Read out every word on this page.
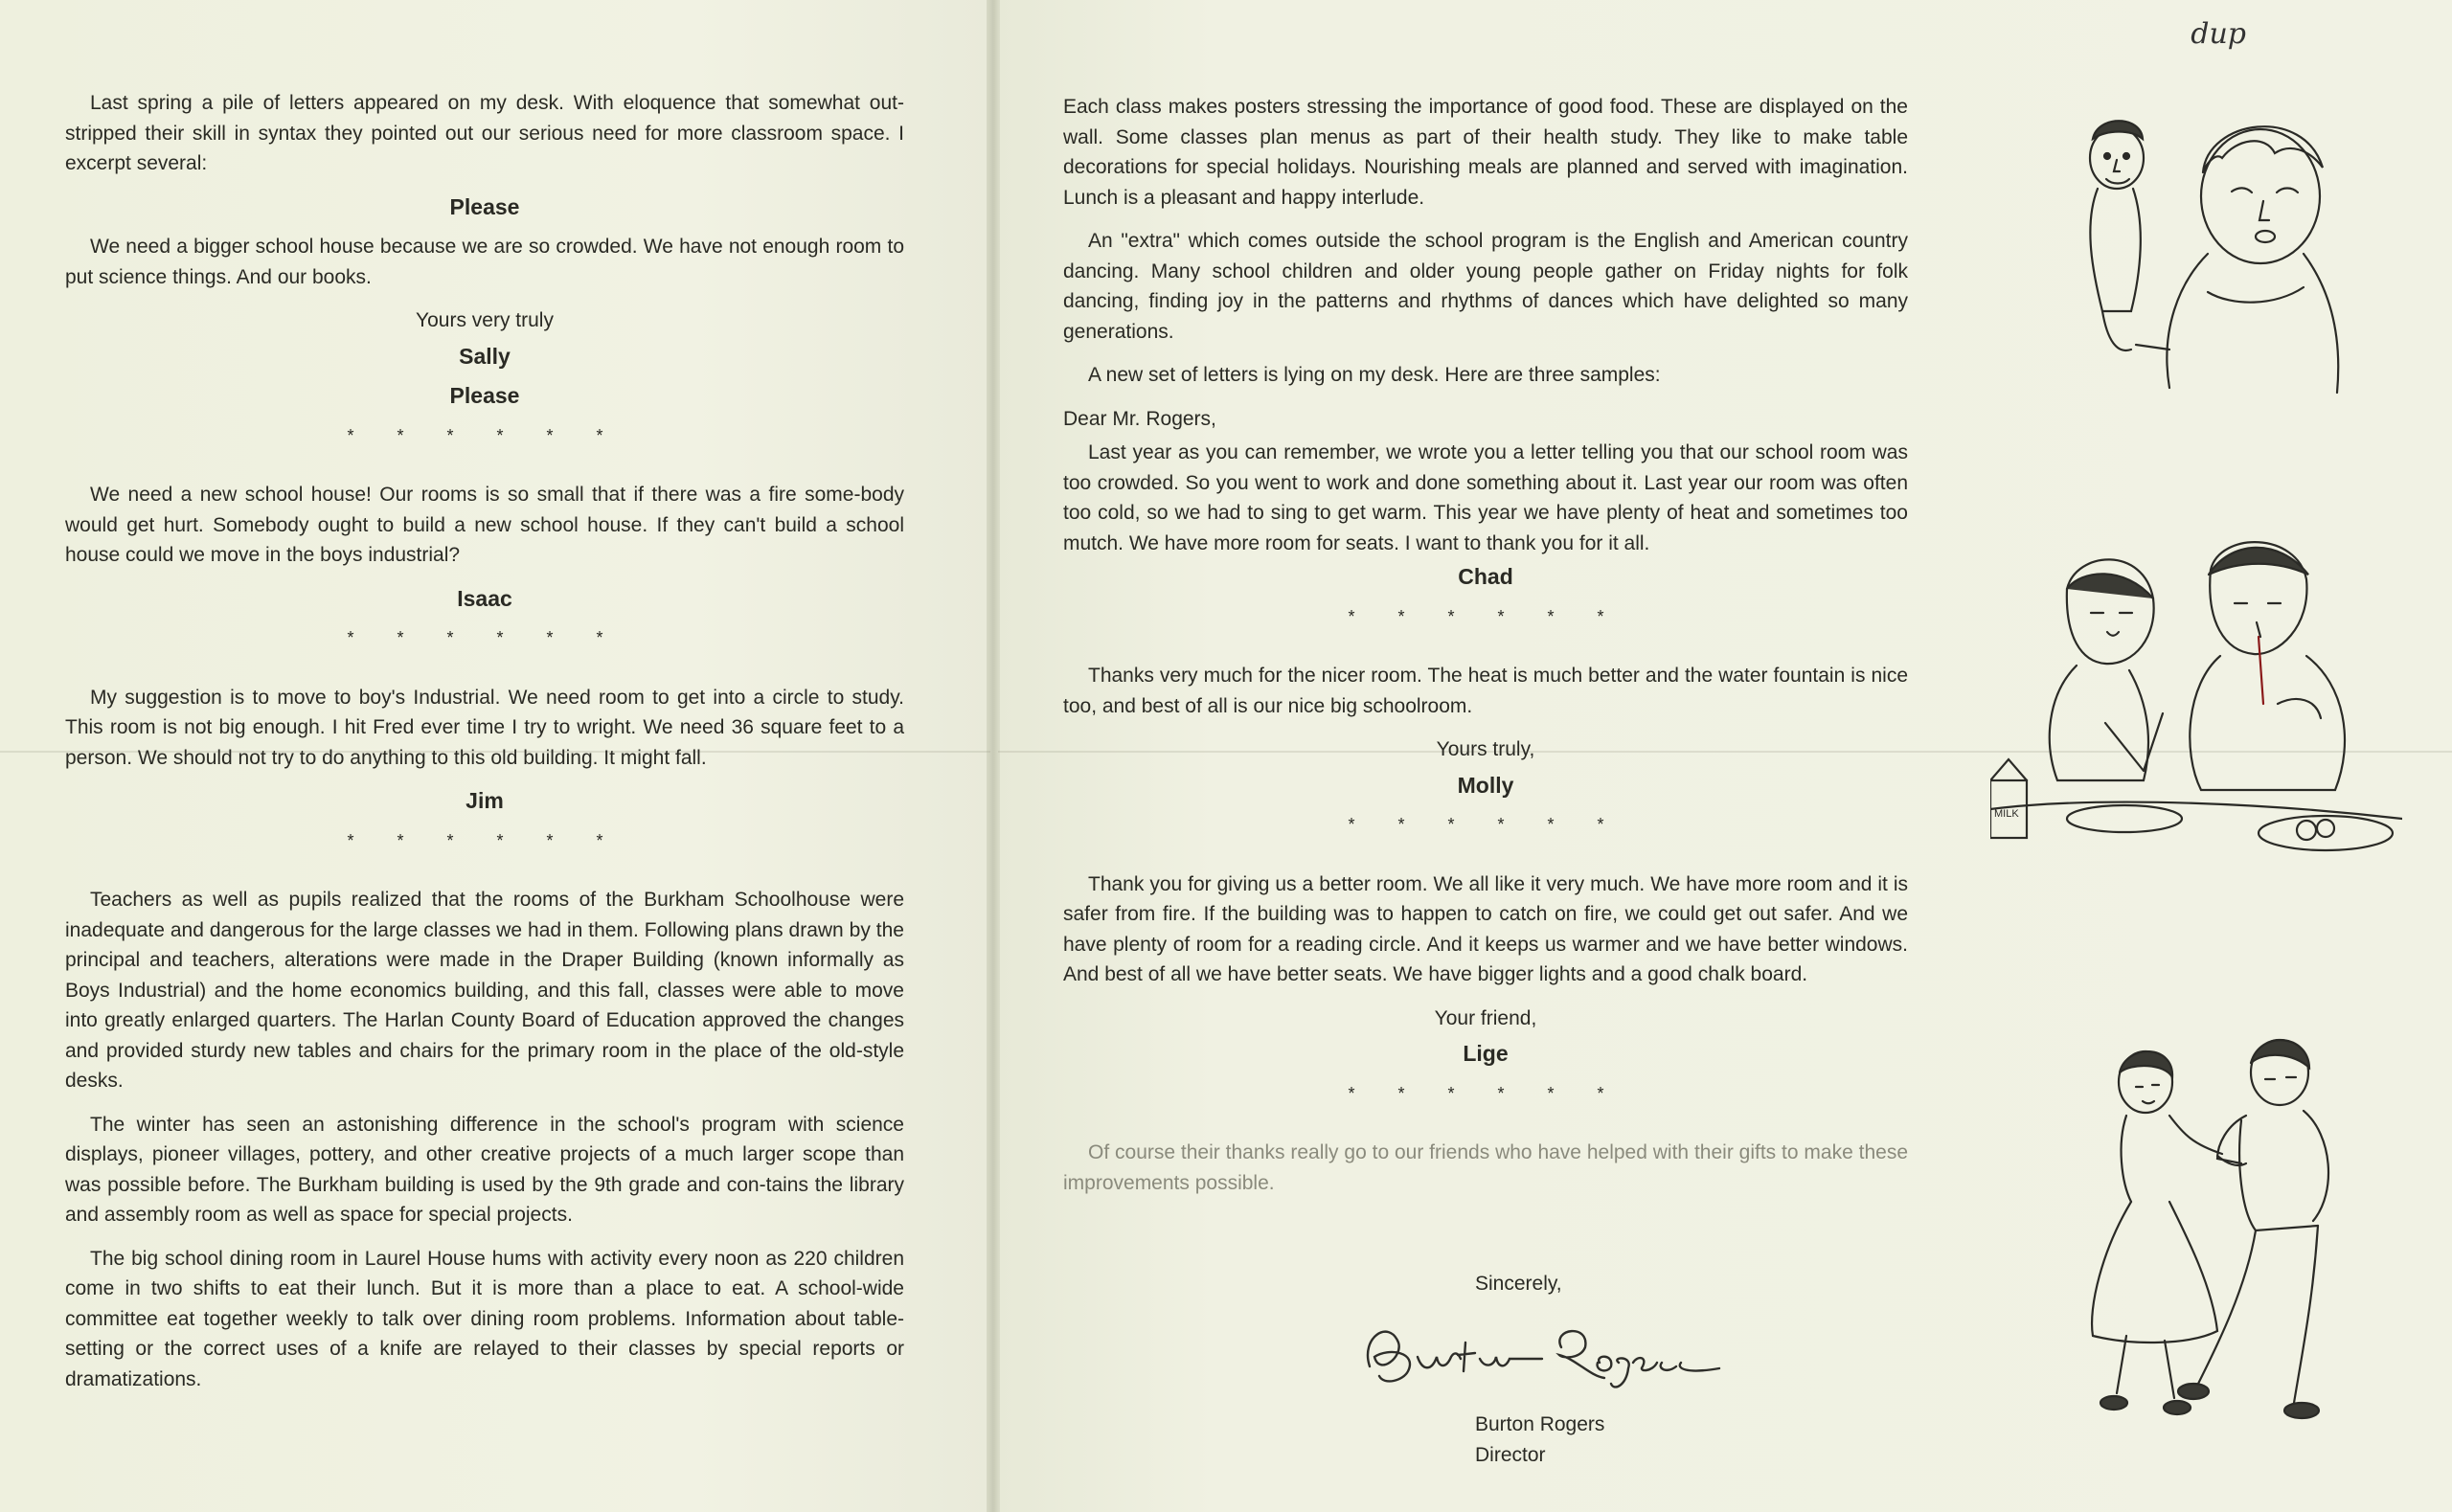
dup

Last spring a pile of letters appeared on my desk. With eloquence that somewhat out-stripped their skill in syntax they pointed out our serious need for more classroom space. I excerpt several:

Please

We need a bigger school house because we are so crowded. We have not enough room to put science things. And our books.

Yours very truly
Sally
Please
* * * * * *

We need a new school house! Our rooms is so small that if there was a fire some-body would get hurt. Somebody ought to build a new school house. If they can't build a school house could we move in the boys industrial?

Isaac
* * * * * *

My suggestion is to move to boy's Industrial. We need room to get into a circle to study. This room is not big enough. I hit Fred ever time I try to wright. We need 36 square feet to a person. We should not try to do anything to this old building. It might fall.

Jim
* * * * * *

Teachers as well as pupils realized that the rooms of the Burkham Schoolhouse were inadequate and dangerous for the large classes we had in them. Following plans drawn by the principal and teachers, alterations were made in the Draper Building (known informally as Boys Industrial) and the home economics building, and this fall, classes were able to move into greatly enlarged quarters. The Harlan County Board of Education approved the changes and provided sturdy new tables and chairs for the primary room in the place of the old-style desks.

The winter has seen an astonishing difference in the school's program with science displays, pioneer villages, pottery, and other creative projects of a much larger scope than was possible before. The Burkham building is used by the 9th grade and con-tains the library and assembly room as well as space for special projects.

The big school dining room in Laurel House hums with activity every noon as 220 children come in two shifts to eat their lunch. But it is more than a place to eat. A school-wide committee eat together weekly to talk over dining room problems. Information about table-setting or the correct uses of a knife are relayed to their classes by special reports or dramatizations.

Each class makes posters stressing the importance of good food. These are displayed on the wall. Some classes plan menus as part of their health study. They like to make table decorations for special holidays. Nourishing meals are planned and served with imagination. Lunch is a pleasant and happy interlude.

An "extra" which comes outside the school program is the English and American country dancing. Many school children and older young people gather on Friday nights for folk dancing, finding joy in the patterns and rhythms of dances which have delighted so many generations.

A new set of letters is lying on my desk. Here are three samples:

Dear Mr. Rogers,

Last year as you can remember, we wrote you a letter telling you that our school room was too crowded. So you went to work and done something about it. Last year our room was often too cold, so we had to sing to get warm. This year we have plenty of heat and sometimes too mutch. We have more room for seats. I want to thank you for it all.

Chad
* * * * * *

Thanks very much for the nicer room. The heat is much better and the water fountain is nice too, and best of all is our nice big schoolroom.

Yours truly,
Molly
* * * * * *

Thank you for giving us a better room. We all like it very much. We have more room and it is safer from fire. If the building was to happen to catch on fire, we could get out safer. And we have plenty of room for a reading circle. And it keeps us warmer and we have better windows. And best of all we have better seats. We have bigger lights and a good chalk board.

Your friend,
Lige
* * * * * *

Of course their thanks really go to our friends who have helped with their gifts to make these improvements possible.

Sincerely,
Burton Rogers
Director
MILK
